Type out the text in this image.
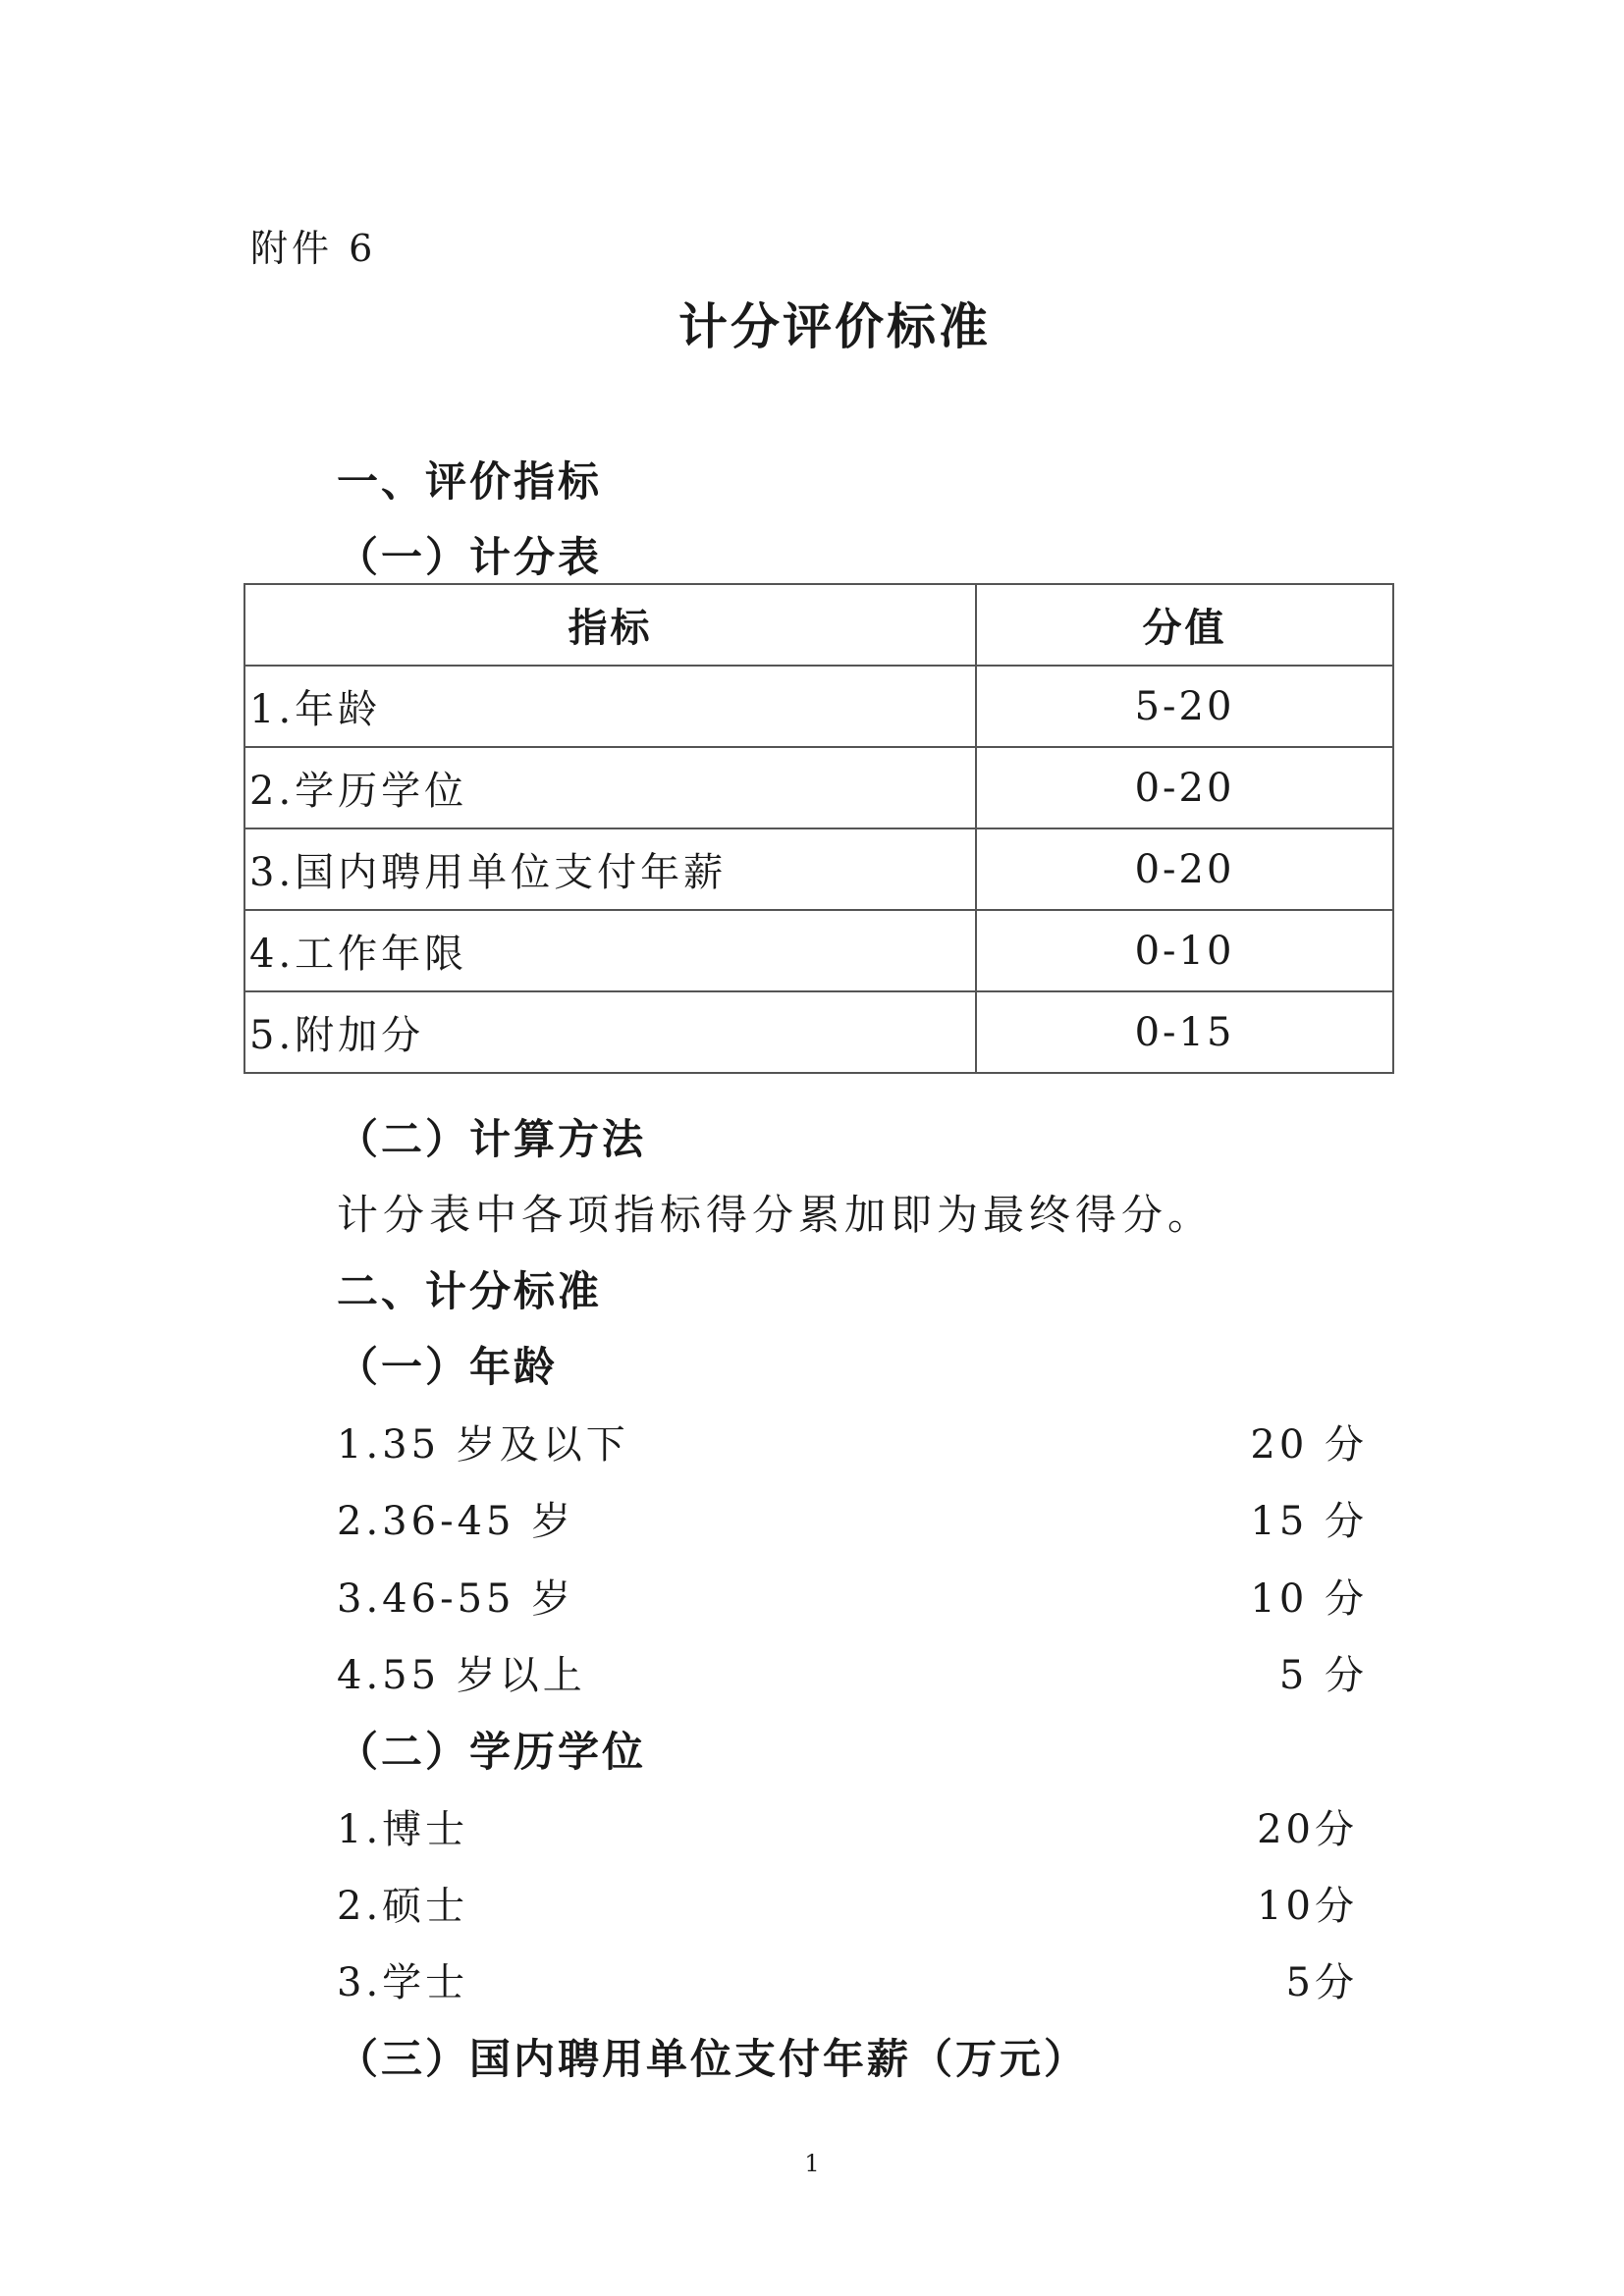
附件 6
计分评价标准
一、评价指标
（一）计分表
指标	分值
1.年龄	5-20
2.学历学位	0-20
3.国内聘用单位支付年薪	0-20
4.工作年限	0-10
5.附加分	0-15
（二）计算方法
计分表中各项指标得分累加即为最终得分。
二、计分标准
（一）年龄
1.35 岁及以下	20 分
2.36-45 岁	15 分
3.46-55 岁	10 分
4.55 岁以上	5 分
（二）学历学位
1.博士	20分
2.硕士	10分
3.学士	5分
（三）国内聘用单位支付年薪（万元）
1
